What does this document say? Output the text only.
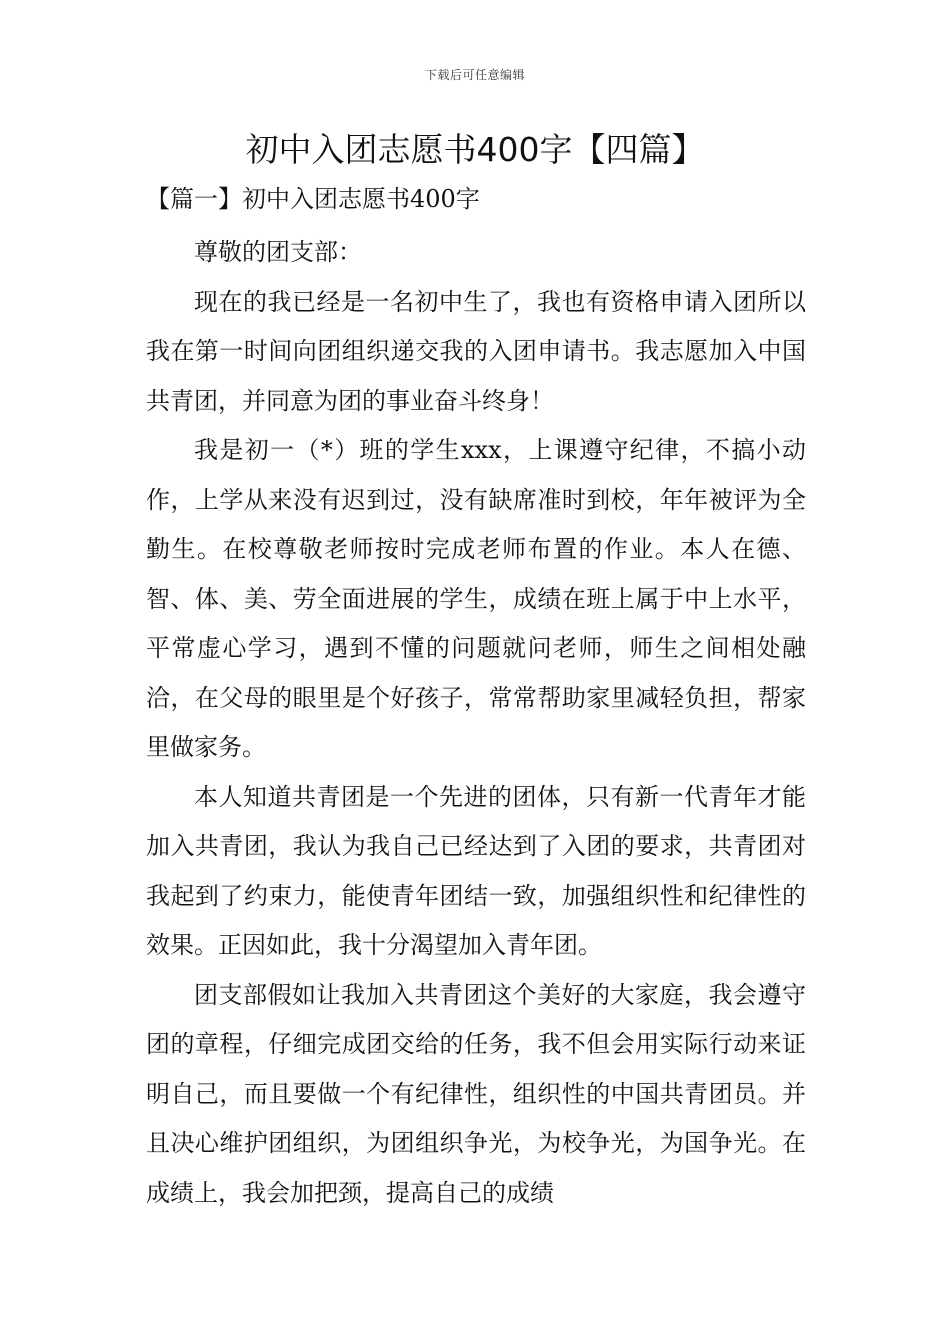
下载后可任意编辑
初中入团志愿书400字【四篇】
【篇一】初中入团志愿书400字

尊敬的团支部：

现在的我已经是一名初中生了，我也有资格申请入团所以我在第一时间向团组织递交我的入团申请书。我志愿加入中国共青团，并同意为团的事业奋斗终身！

我是初一（*）班的学生xxx，上课遵守纪律，不搞小动作，上学从来没有迟到过，没有缺席准时到校，年年被评为全勤生。在校尊敬老师按时完成老师布置的作业。本人在德、智、体、美、劳全面进展的学生，成绩在班上属于中上水平，平常虚心学习，遇到不懂的问题就问老师，师生之间相处融洽，在父母的眼里是个好孩子，常常帮助家里减轻负担，帮家里做家务。

本人知道共青团是一个先进的团体，只有新一代青年才能加入共青团，我认为我自己已经达到了入团的要求，共青团对我起到了约束力，能使青年团结一致，加强组织性和纪律性的效果。正因如此，我十分渴望加入青年团。

团支部假如让我加入共青团这个美好的大家庭，我会遵守团的章程，仔细完成团交给的任务，我不但会用实际行动来证明自己，而且要做一个有纪律性，组织性的中国共青团员。并且决心维护团组织，为团组织争光，为校争光，为国争光。在成绩上，我会加把颈，提高自己的成绩
